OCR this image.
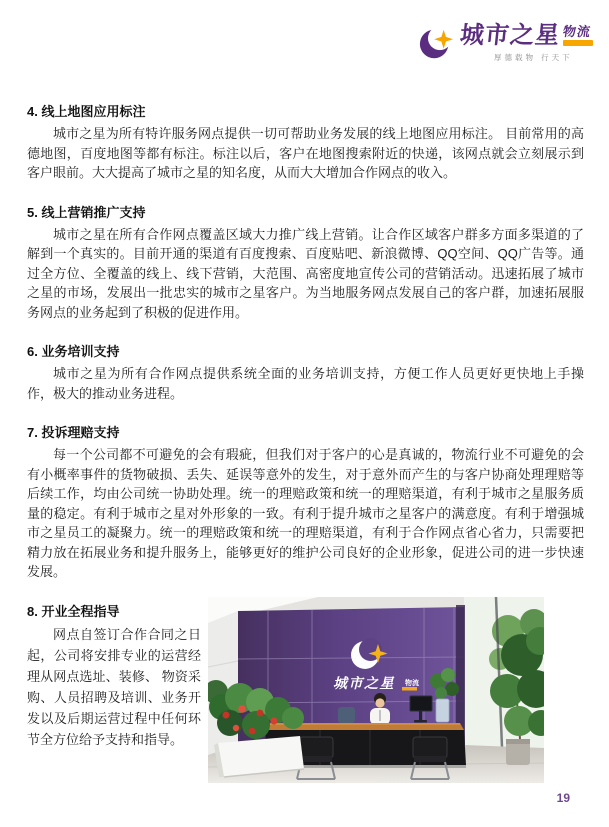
城市之星 物流
厚德载物 行天下
4. 线上地图应用标注

城市之星为所有特许服务网点提供一切可帮助业务发展的线上地图应用标注。 目前常用的高德地图，百度地图等都有标注。标注以后，客户在地图搜索附近的快递，该网点就会立刻展示到客户眼前。大大提高了城市之星的知名度，从而大大增加合作网点的收入。

5. 线上营销推广支持

城市之星在所有合作网点覆盖区域大力推广线上营销。让合作区域客户群多方面多渠道的了解到一个真实的。目前开通的渠道有百度搜索、百度贴吧、新浪微博、QQ空间、QQ广告等。通过全方位、全覆盖的线上、线下营销，大范围、高密度地宣传公司的营销活动。迅速拓展了城市之星的市场，发展出一批忠实的城市之星客户。为当地服务网点发展自己的客户群，加速拓展服务网点的业务起到了积极的促进作用。

6. 业务培训支持

城市之星为所有合作网点提供系统全面的业务培训支持，方便工作人员更好更快地上手操作，极大的推动业务进程。

7. 投诉理赔支持

每一个公司都不可避免的会有瑕疵，但我们对于客户的心是真诚的，物流行业不可避免的会有小概率事件的货物破损、丢失、延误等意外的发生，对于意外而产生的与客户协商处理理赔等后续工作，均由公司统一协助处理。统一的理赔政策和统一的理赔渠道，有利于城市之星服务质量的稳定。有利于城市之星对外形象的一致。有利于提升城市之星客户的满意度。有利于增强城市之星员工的凝聚力。统一的理赔政策和统一的理赔渠道，有利于合作网点省心省力，只需要把精力放在拓展业务和提升服务上，能够更好的维护公司良好的企业形象，促进公司的进一步快速发展。

8. 开业全程指导

网点自签订合作合同之日起，公司将安排专业的运营经理从网点选址、装修、 物资采购、人员招聘及培训、业务开发以及后期运营过程中任何环节全方位给予支持和指导。

城市之星 物流
19
